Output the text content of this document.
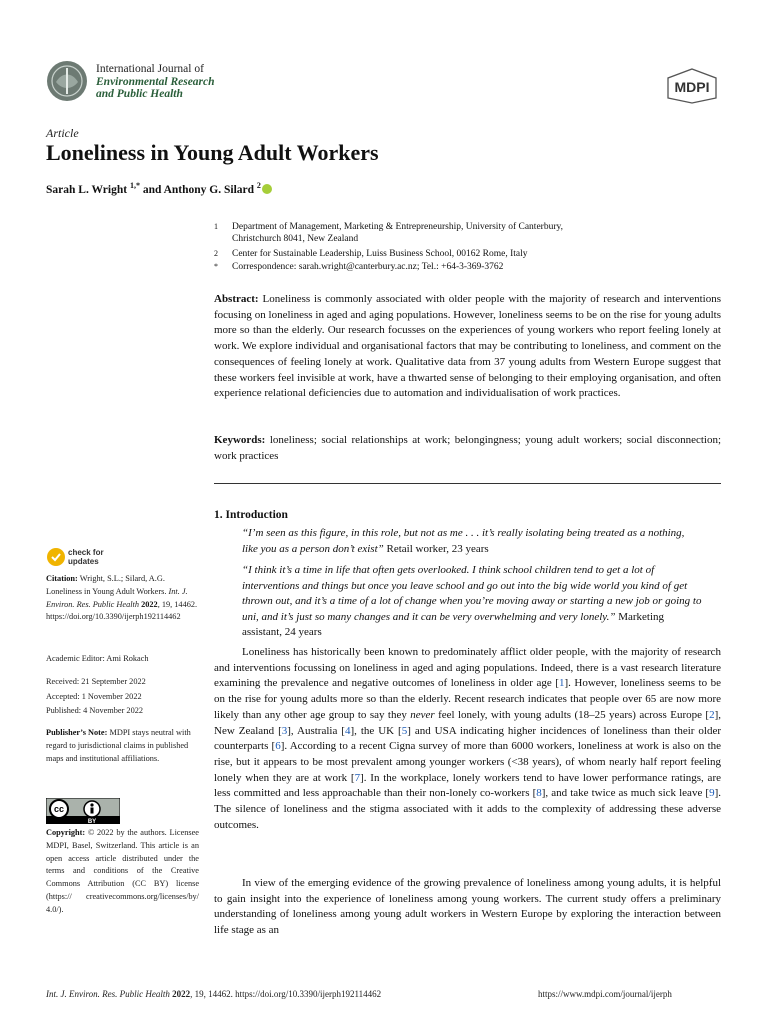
International Journal of
Environmental Research
and Public Health	MDPI
Article
Loneliness in Young Adult Workers
Sarah L. Wright $^{1,*}$ and Anthony G. Silard $^2$
1 Department of Management, Marketing & Entrepreneurship, University of Canterbury,
Christchurch 8041, New Zealand
2 Center for Sustainable Leadership, Luiss Business School, 00162 Rome, Italy
* Correspondence: sarah.wright@canterbury.ac.nz; Tel.: +64-3-369-3762
Abstract: Loneliness is commonly associated with older people with the majority of research and interventions focusing on loneliness in aged and aging populations. However, loneliness seems to be on the rise for young adults more so than the elderly. Our research focusses on the experiences of young workers who report feeling lonely at work. We explore individual and organisational factors that may be contributing to loneliness, and comment on the consequences of feeling lonely at work. Qualitative data from 37 young adults from Western Europe suggest that these workers feel invisible at work, have a thwarted sense of belonging to their employing organisation, and often experience relational deficiencies due to automation and individualisation of work practices.
Keywords: loneliness; social relationships at work; belongingness; young adult workers; social disconnection; work practices
1. Introduction
“I’m seen as this figure, in this role, but not as me . . . it’s really isolating being treated as a nothing, like you as a person don’t exist” Retail worker, 23 years
“I think it’s a time in life that often gets overlooked. I think school children tend to get a lot of interventions and things but once you leave school and go out into the big wide world you kind of get thrown out, and it’s a time of a lot of change when you’re moving away or starting a new job or going to uni, and it’s just so many changes and it can be very overwhelming and very lonely.” Marketing assistant, 24 years
Loneliness has historically been known to predominately afflict older people, with the majority of research and interventions focussing on loneliness in aged and aging populations. Indeed, there is a vast research literature examining the prevalence and negative outcomes of loneliness in older age [1]. However, loneliness seems to be on the rise for young adults more so than the elderly. Recent research indicates that people over 65 are now more likely than any other age group to say they never feel lonely, with young adults (18–25 years) across Europe [2], New Zealand [3], Australia [4], the UK [5] and USA indicating higher incidences of loneliness than their older counterparts [6]. According to a recent Cigna survey of more than 6000 workers, loneliness at work is also on the rise, but it appears to be most prevalent among younger workers (<38 years), of whom nearly half report feeling lonely when they are at work [7]. In the workplace, lonely workers tend to have lower performance ratings, are less committed and less approachable than their non-lonely co-workers [8], and take twice as much sick leave [9]. The silence of loneliness and the stigma associated with it adds to the complexity of addressing these adverse outcomes.
In view of the emerging evidence of the growing prevalence of loneliness among young adults, it is helpful to gain insight into the experience of loneliness among young workers. The current study offers a preliminary understanding of loneliness among young adult workers in Western Europe by exploring the interaction between life stage as an
check for
updates
Citation: Wright, S.L.; Silard, A.G. Loneliness in Young Adult Workers. Int. J. Environ. Res. Public Health 2022, 19, 14462. https://doi.org/10.3390/ijerph192114462
Academic Editor: Ami Rokach
Received: 21 September 2022
Accepted: 1 November 2022
Published: 4 November 2022
Publisher’s Note: MDPI stays neutral with regard to jurisdictional claims in published maps and institutional affiliations.
cc
BY
Copyright: © 2022 by the authors. Licensee MDPI, Basel, Switzerland. This article is an open access article distributed under the terms and conditions of the Creative Commons Attribution (CC BY) license (https:// creativecommons.org/licenses/by/ 4.0/).
Int. J. Environ. Res. Public Health 2022, 19, 14462. https://doi.org/10.3390/ijerph192114462	https://www.mdpi.com/journal/ijerph
